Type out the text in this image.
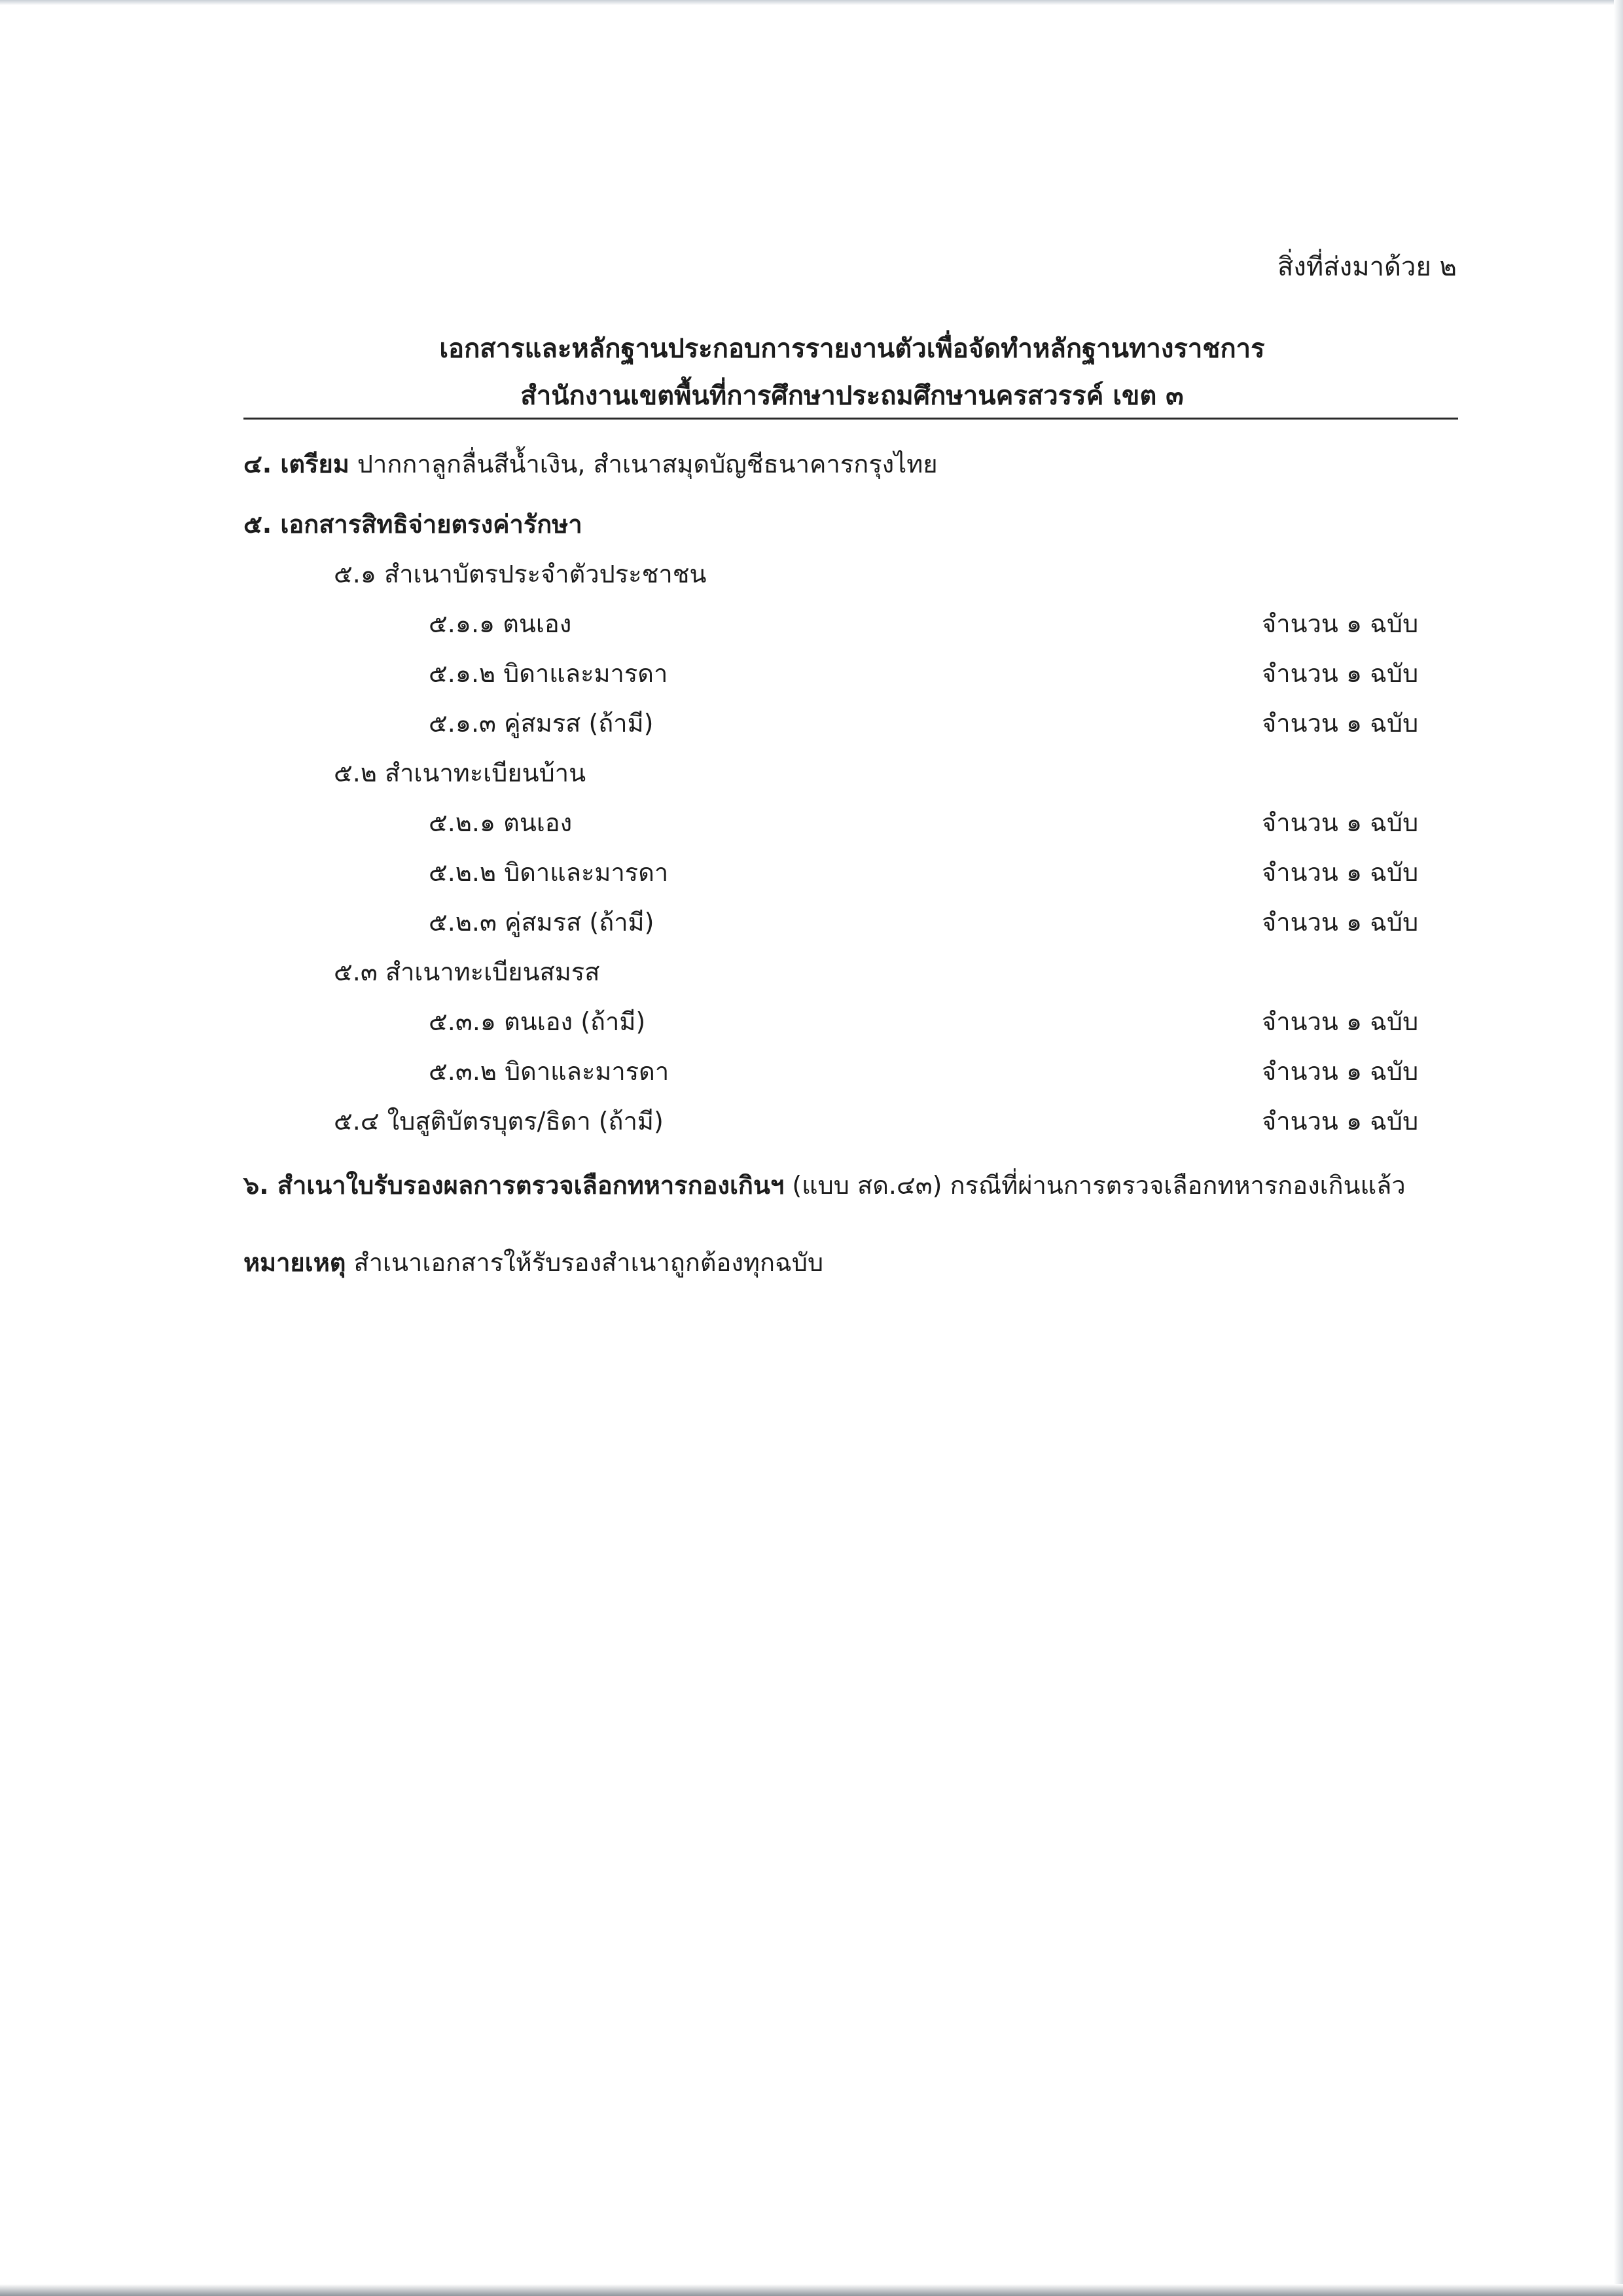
สิ่งที่ส่งมาด้วย ๒
เอกสารและหลักฐานประกอบการรายงานตัวเพื่อจัดทำหลักฐานทางราชการ
สำนักงานเขตพื้นที่การศึกษาประถมศึกษานครสวรรค์ เขต ๓
๔. เตรียม ปากกาลูกลื่นสีน้ำเงิน, สำเนาสมุดบัญชีธนาคารกรุงไทย
๕. เอกสารสิทธิจ่ายตรงค่ารักษา
๕.๑ สำเนาบัตรประจำตัวประชาชน
๕.๑.๑ ตนเอง	จำนวน ๑ ฉบับ
๕.๑.๒ บิดาและมารดา	จำนวน ๑ ฉบับ
๕.๑.๓ คู่สมรส (ถ้ามี)	จำนวน ๑ ฉบับ
๕.๒ สำเนาทะเบียนบ้าน
๕.๒.๑ ตนเอง	จำนวน ๑ ฉบับ
๕.๒.๒ บิดาและมารดา	จำนวน ๑ ฉบับ
๕.๒.๓ คู่สมรส (ถ้ามี)	จำนวน ๑ ฉบับ
๕.๓ สำเนาทะเบียนสมรส
๕.๓.๑ ตนเอง (ถ้ามี)	จำนวน ๑ ฉบับ
๕.๓.๒ บิดาและมารดา	จำนวน ๑ ฉบับ
๕.๔ ใบสูติบัตรบุตร/ธิดา (ถ้ามี)	จำนวน ๑ ฉบับ
๖. สำเนาใบรับรองผลการตรวจเลือกทหารกองเกินฯ (แบบ สด.๔๓) กรณีที่ผ่านการตรวจเลือกทหารกองเกินแล้ว
หมายเหตุ สำเนาเอกสารให้รับรองสำเนาถูกต้องทุกฉบับ
